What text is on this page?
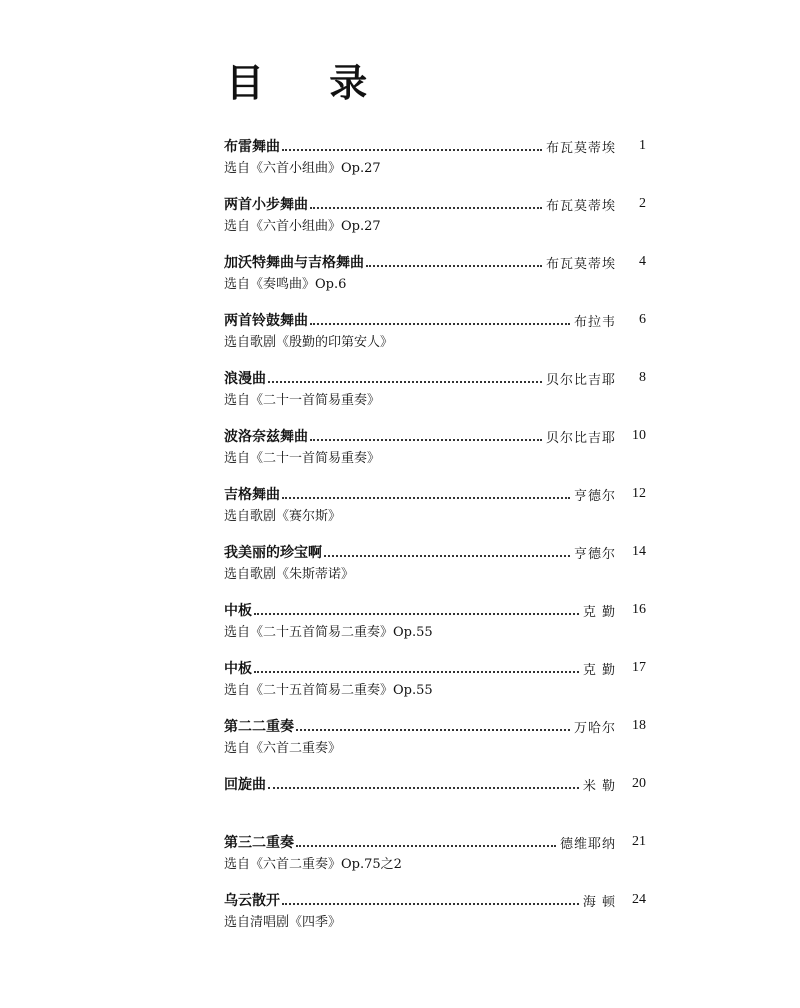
目 录
布雷舞曲	布瓦莫蒂埃	1
选自《六首小组曲》Op.27
两首小步舞曲	布瓦莫蒂埃	2
选自《六首小组曲》Op.27
加沃特舞曲与吉格舞曲	布瓦莫蒂埃	4
选自《奏鸣曲》Op.6
两首铃鼓舞曲	布拉韦	6
选自歌剧《殷勤的印第安人》
浪漫曲	贝尔比吉耶	8
选自《二十一首简易重奏》
波洛奈兹舞曲	贝尔比吉耶	10
选自《二十一首简易重奏》
吉格舞曲	亨德尔	12
选自歌剧《赛尔斯》
我美丽的珍宝啊	亨德尔	14
选自歌剧《朱斯蒂诺》
中板	克 勤	16
选自《二十五首简易二重奏》Op.55
中板	克 勤	17
选自《二十五首简易二重奏》Op.55
第二二重奏	万哈尔	18
选自《六首二重奏》
回旋曲	米 勒	20
第三二重奏	德维耶纳	21
选自《六首二重奏》Op.75之2
乌云散开	海 顿	24
选自清唱剧《四季》
